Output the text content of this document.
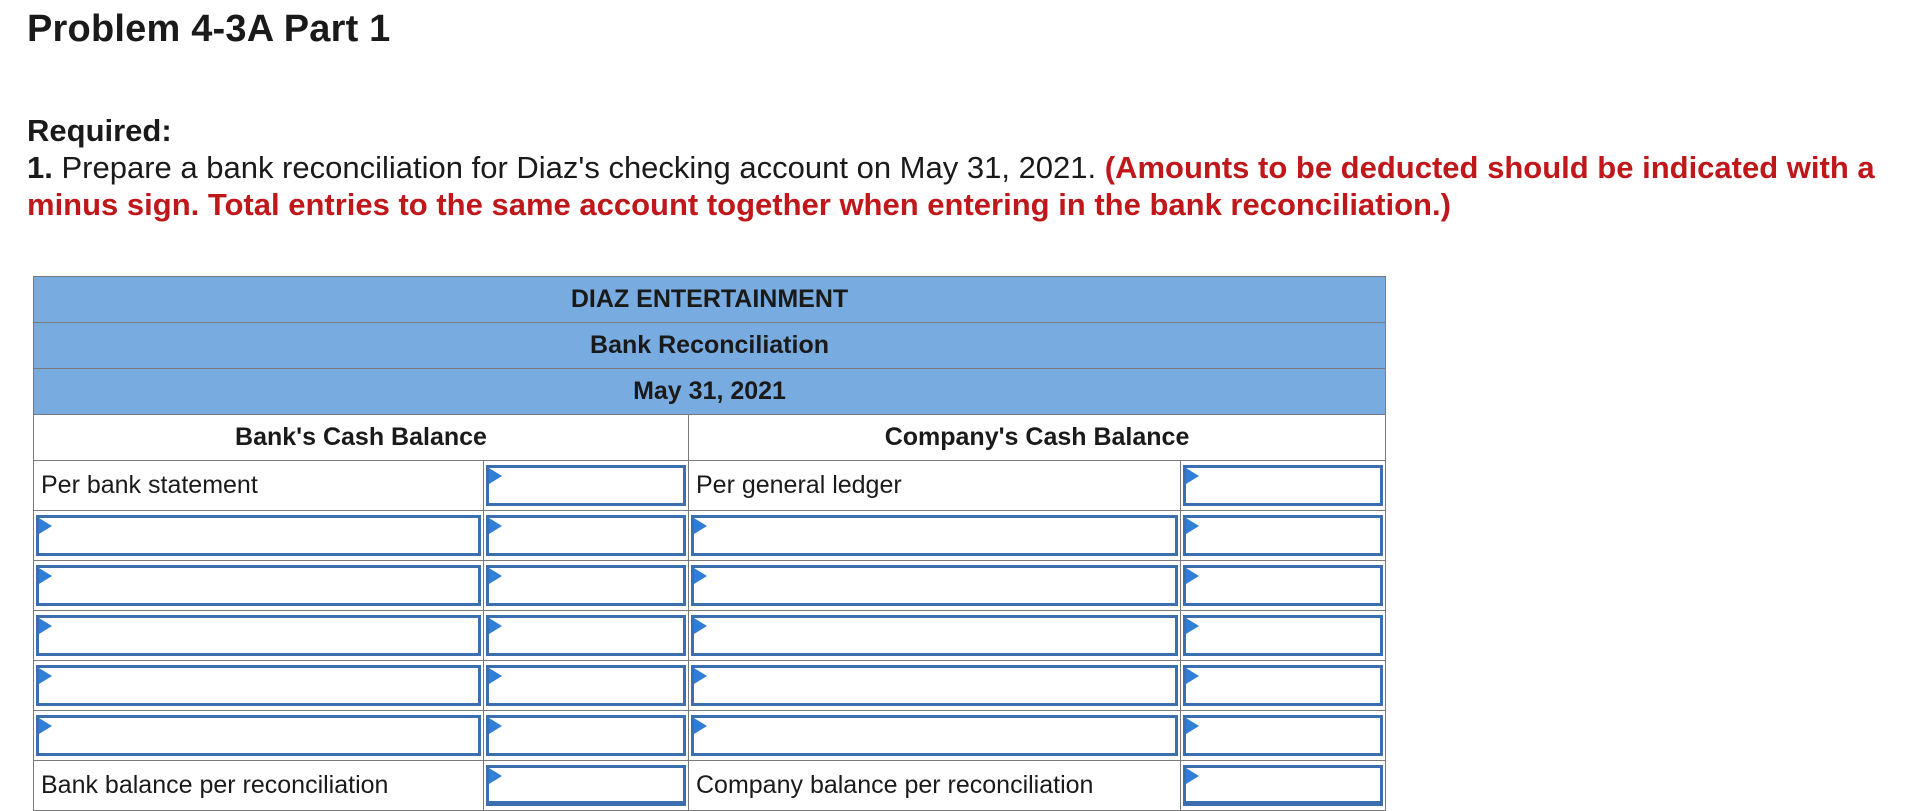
Problem 4-3A Part 1
Required:
1. Prepare a bank reconciliation for Diaz's checking account on May 31, 2021. (Amounts to be deducted should be indicated with a minus sign. Total entries to the same account together when entering in the bank reconciliation.)
DIAZ ENTERTAINMENT			
Bank Reconciliation			
May 31, 2021			
Bank's Cash Balance		Company's Cash Balance	
Per bank statement		Per general ledger	

Bank balance per reconciliation		Company balance per reconciliation	
